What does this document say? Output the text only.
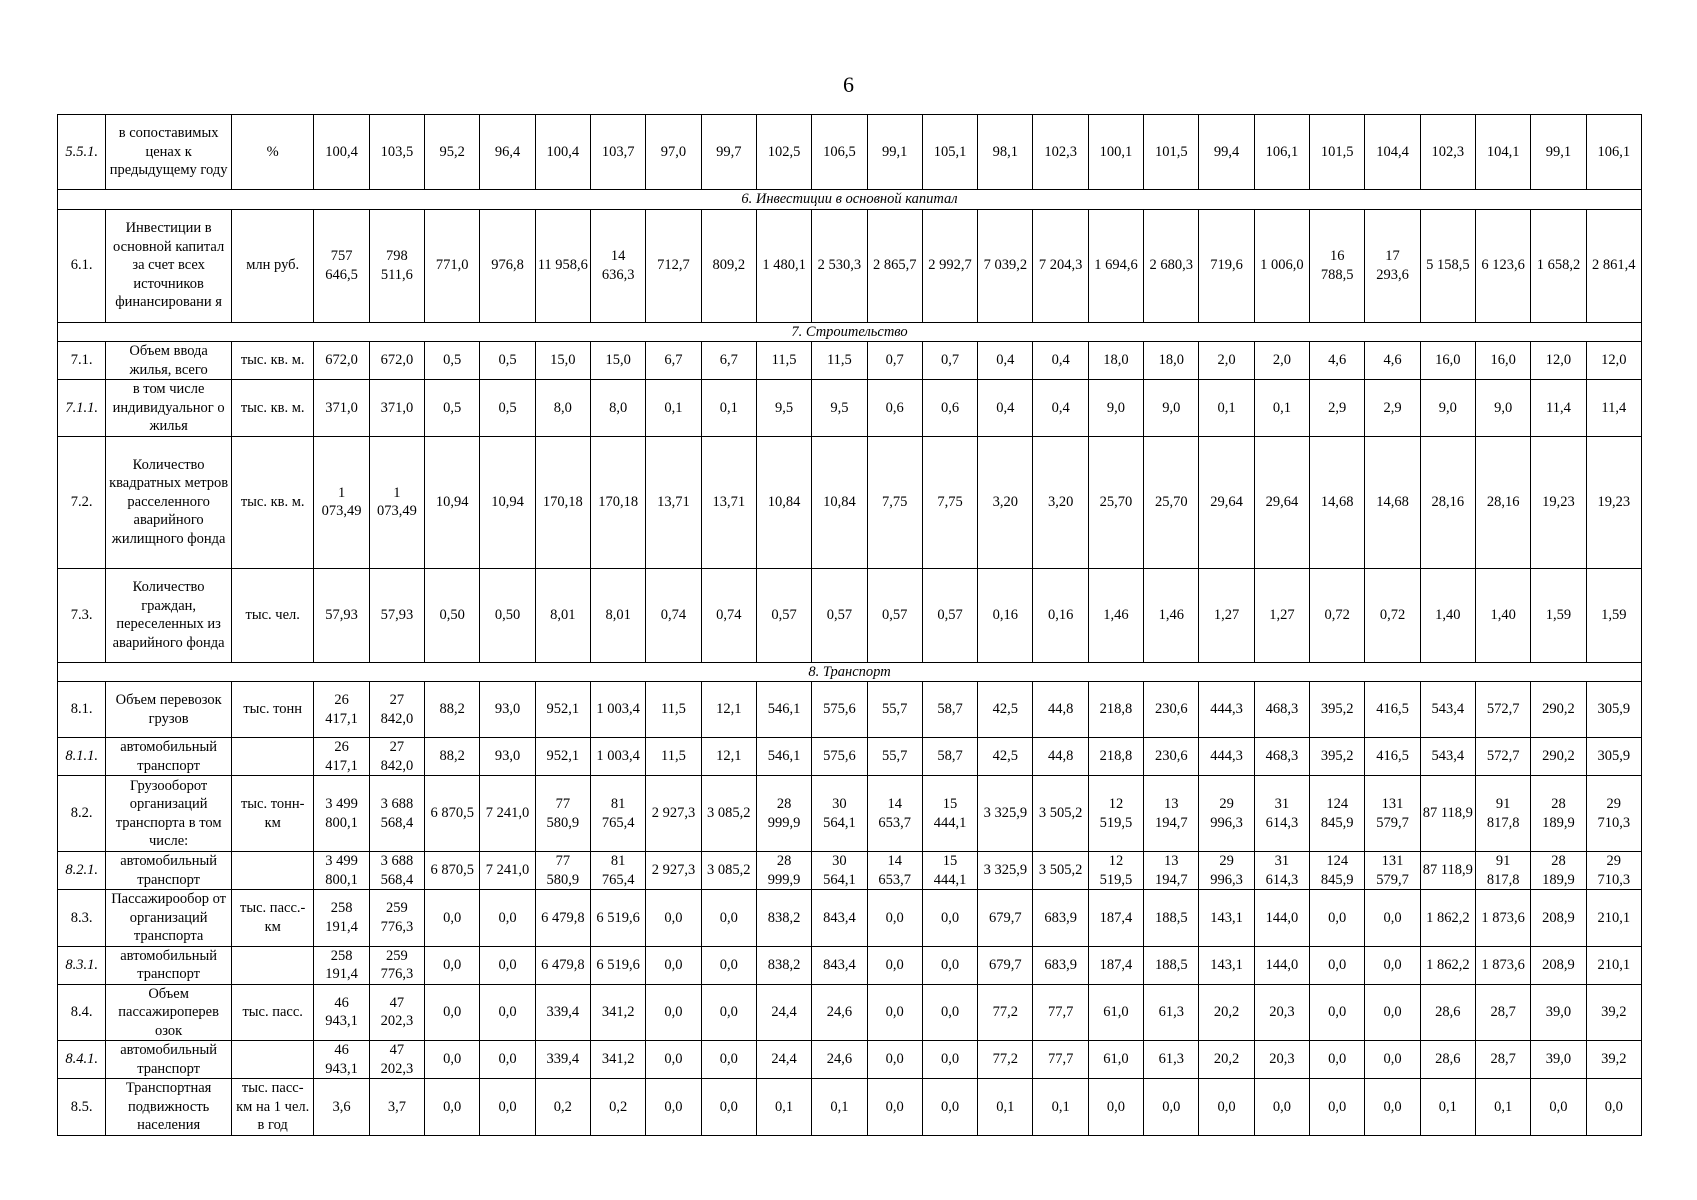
6
5.5.1.	в сопоставимых ценах к предыдущему году	%	100,4	103,5	95,2	96,4	100,4	103,7	97,0	99,7	102,5	106,5	99,1	105,1	98,1	102,3	100,1	101,5	99,4	106,1	101,5	104,4	102,3	104,1	99,1	106,1
6. Инвестиции в основной капитал																										
6.1.	Инвестиции в основной капитал за счет всех источников финансировани я	млн руб.	757 646,5	798 511,6	771,0	976,8	11 958,6	14 636,3	712,7	809,2	1 480,1	2 530,3	2 865,7	2 992,7	7 039,2	7 204,3	1 694,6	2 680,3	719,6	1 006,0	16 788,5	17 293,6	5 158,5	6 123,6	1 658,2	2 861,4
7. Строительство																										
7.1.	Объем ввода жилья, всего	тыс. кв. м.	672,0	672,0	0,5	0,5	15,0	15,0	6,7	6,7	11,5	11,5	0,7	0,7	0,4	0,4	18,0	18,0	2,0	2,0	4,6	4,6	16,0	16,0	12,0	12,0
7.1.1.	в том числе индивидуальног о жилья	тыс. кв. м.	371,0	371,0	0,5	0,5	8,0	8,0	0,1	0,1	9,5	9,5	0,6	0,6	0,4	0,4	9,0	9,0	0,1	0,1	2,9	2,9	9,0	9,0	11,4	11,4
7.2.	Количество квадратных метров расселенного аварийного жилищного фонда	тыс. кв. м.	1 073,49	1 073,49	10,94	10,94	170,18	170,18	13,71	13,71	10,84	10,84	7,75	7,75	3,20	3,20	25,70	25,70	29,64	29,64	14,68	14,68	28,16	28,16	19,23	19,23
7.3.	Количество граждан, переселенных из аварийного фонда	тыс. чел.	57,93	57,93	0,50	0,50	8,01	8,01	0,74	0,74	0,57	0,57	0,57	0,57	0,16	0,16	1,46	1,46	1,27	1,27	0,72	0,72	1,40	1,40	1,59	1,59
8. Транспорт																										
8.1.	Объем перевозок грузов	тыс. тонн	26 417,1	27 842,0	88,2	93,0	952,1	1 003,4	11,5	12,1	546,1	575,6	55,7	58,7	42,5	44,8	218,8	230,6	444,3	468,3	395,2	416,5	543,4	572,7	290,2	305,9
8.1.1.	автомобильный транспорт		26 417,1	27 842,0	88,2	93,0	952,1	1 003,4	11,5	12,1	546,1	575,6	55,7	58,7	42,5	44,8	218,8	230,6	444,3	468,3	395,2	416,5	543,4	572,7	290,2	305,9
8.2.	Грузооборот организаций транспорта в том числе:	тыс. тонн-км	3 499 800,1	3 688 568,4	6 870,5	7 241,0	77 580,9	81 765,4	2 927,3	3 085,2	28 999,9	30 564,1	14 653,7	15 444,1	3 325,9	3 505,2	12 519,5	13 194,7	29 996,3	31 614,3	124 845,9	131 579,7	87 118,9	91 817,8	28 189,9	29 710,3
8.2.1.	автомобильный транспорт		3 499 800,1	3 688 568,4	6 870,5	7 241,0	77 580,9	81 765,4	2 927,3	3 085,2	28 999,9	30 564,1	14 653,7	15 444,1	3 325,9	3 505,2	12 519,5	13 194,7	29 996,3	31 614,3	124 845,9	131 579,7	87 118,9	91 817,8	28 189,9	29 710,3
8.3.	Пассажирообор от организаций транспорта	тыс. пасс.-км	258 191,4	259 776,3	0,0	0,0	6 479,8	6 519,6	0,0	0,0	838,2	843,4	0,0	0,0	679,7	683,9	187,4	188,5	143,1	144,0	0,0	0,0	1 862,2	1 873,6	208,9	210,1
8.3.1.	автомобильный транспорт		258 191,4	259 776,3	0,0	0,0	6 479,8	6 519,6	0,0	0,0	838,2	843,4	0,0	0,0	679,7	683,9	187,4	188,5	143,1	144,0	0,0	0,0	1 862,2	1 873,6	208,9	210,1
8.4.	Объем пассажироперев озок	тыс. пасс.	46 943,1	47 202,3	0,0	0,0	339,4	341,2	0,0	0,0	24,4	24,6	0,0	0,0	77,2	77,7	61,0	61,3	20,2	20,3	0,0	0,0	28,6	28,7	39,0	39,2
8.4.1.	автомобильный транспорт		46 943,1	47 202,3	0,0	0,0	339,4	341,2	0,0	0,0	24,4	24,6	0,0	0,0	77,2	77,7	61,0	61,3	20,2	20,3	0,0	0,0	28,6	28,7	39,0	39,2
8.5.	Транспортная подвижность населения	тыс. пасс-км на 1 чел. в год	3,6	3,7	0,0	0,0	0,2	0,2	0,0	0,0	0,1	0,1	0,0	0,0	0,1	0,1	0,0	0,0	0,0	0,0	0,0	0,0	0,1	0,1	0,0	0,0
